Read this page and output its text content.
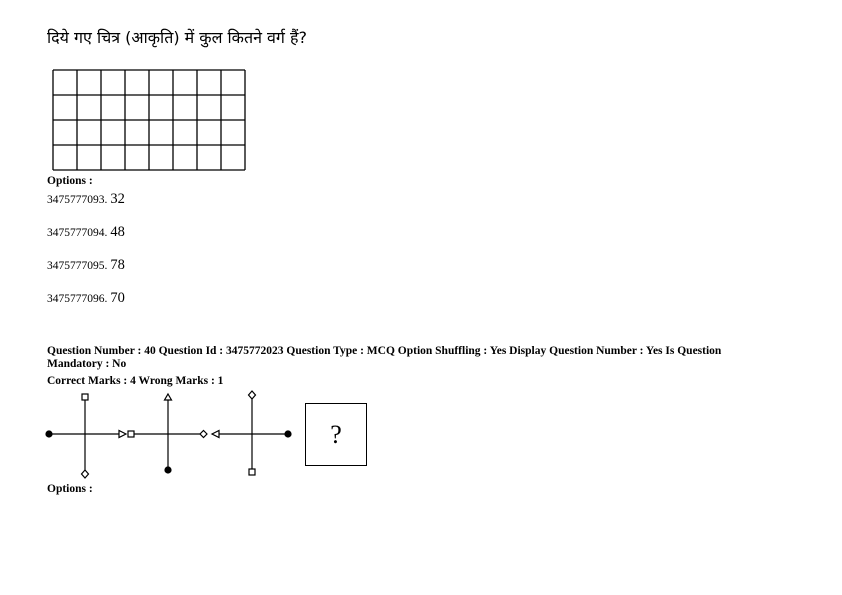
दिये गए चित्र (आकृति) में कुल कितने वर्ग हैं?
Options :
3475777093. 32
3475777094. 48
3475777095. 78
3475777096. 70
Question Number : 40 Question Id : 3475772023 Question Type : MCQ Option Shuffling : Yes Display Question Number : Yes Is Question Mandatory : No
Correct Marks : 4 Wrong Marks : 1
?
Options :
